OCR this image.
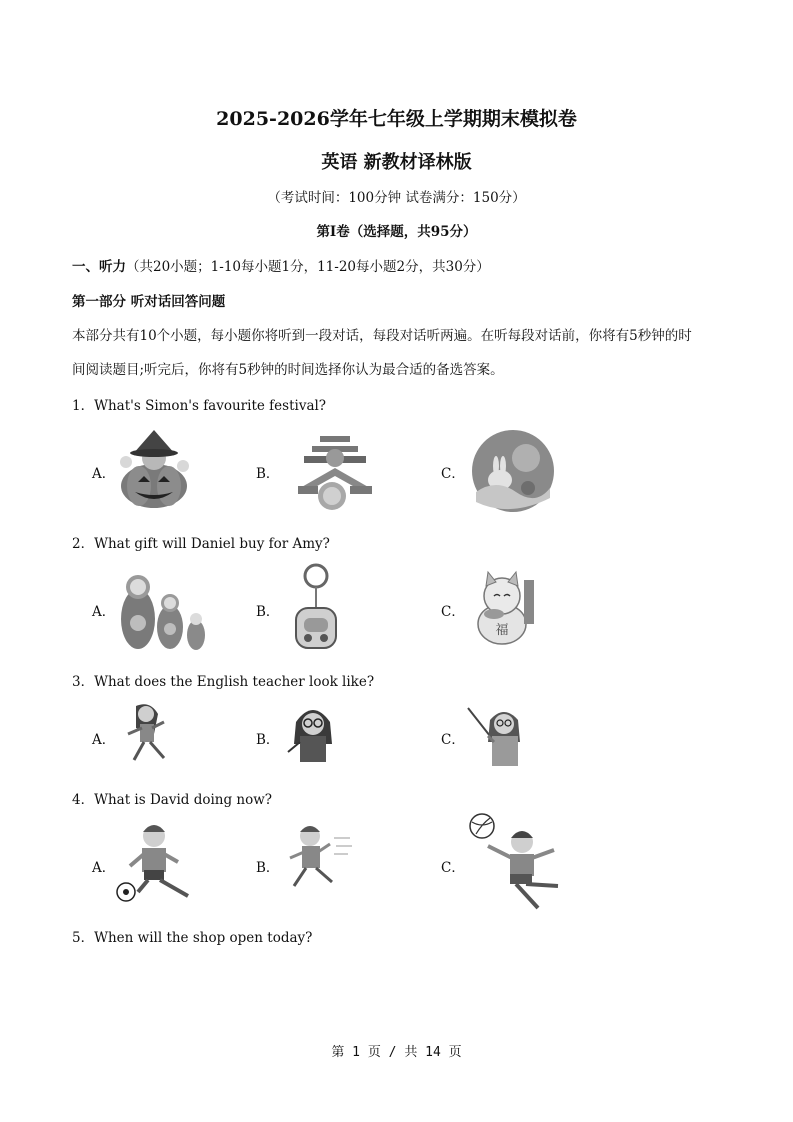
2025-2026学年七年级上学期期末模拟卷
英语 新教材译林版
（考试时间：100分钟 试卷满分：150分）
第I卷（选择题，共95分）
一、听力（共20小题；1-10每小题1分，11-20每小题2分，共30分）
第一部分 听对话回答问题
本部分共有10个小题，每小题你将听到一段对话，每段对话听两遍。在听每段对话前，你将有5秒钟的时
间阅读题目;听完后，你将有5秒钟的时间选择你认为最合适的备选答案。
1．What's Simon's favourite festival?
A．	B．	C．
2．What gift will Daniel buy for Amy?
A．	B．	C．
福
3．What does the English teacher look like?
A．	B．	C．
4．What is David doing now?
A．	B．	C．
5．When will the shop open today?
第 1 页 / 共 14 页
